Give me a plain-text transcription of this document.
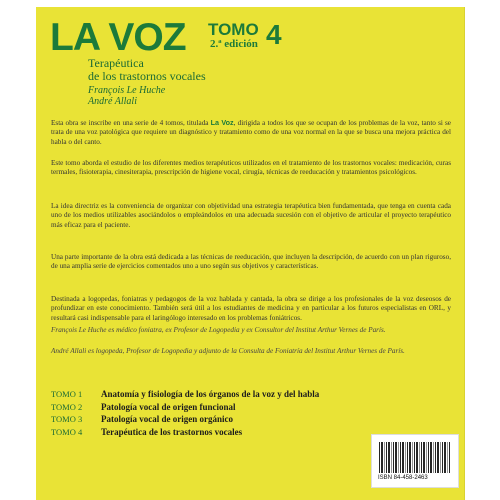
LA VOZ TOMO 4
2.ª edición
Terapéutica
de los trastornos vocales
François Le Huche
André Allali
Esta obra se inscribe en una serie de 4 tomos, titulada La Voz, dirigida a todos los que se ocupan de los problemas de la voz, tanto si se trata de una voz patológica que requiere un diagnóstico y tratamiento como de una voz normal en la que se busca una mejora práctica del habla o del canto.
Este tomo aborda el estudio de los diferentes medios terapéuticos utilizados en el tratamiento de los trastornos vocales: medicación, curas termales, fisioterapia, cinesiterapia, prescripción de higiene vocal, cirugía, técnicas de reeducación y tratamientos psicológicos.
La idea directriz es la conveniencia de organizar con objetividad una estrategia terapéutica bien fundamentada, que tenga en cuenta cada uno de los medios utilizables asociándolos o empleándolos en una adecuada sucesión con el objetivo de articular el proyecto terapéutico más eficaz para el paciente.
Una parte importante de la obra está dedicada a las técnicas de reeducación, que incluyen la descripción, de acuerdo con un plan riguroso, de una amplia serie de ejercicios comentados uno a uno según sus objetivos y características.
Destinada a logopedas, foniatras y pedagogos de la voz hablada y cantada, la obra se dirige a los profesionales de la voz deseosos de profundizar en este conocimiento. También será útil a los estudiantes de medicina y en particular a los futuros especialistas en ORL, y resultará casi indispensable para el laringólogo interesado en los problemas foniátricos.
François Le Huche es médico foniatra, ex Profesor de Logopedia y ex Consultor del Institut Arthur Vernes de París.
André Allali es logopeda, Profesor de Logopedia y adjunto de la Consulta de Foniatría del Institut Arthur Vernes de París.
TOMO 1	Anatomía y fisiología de los órganos de la voz y del habla
TOMO 2	Patología vocal de origen funcional
TOMO 3	Patología vocal de origen orgánico
TOMO 4	Terapéutica de los trastornos vocales
ISBN 84-458-2463
